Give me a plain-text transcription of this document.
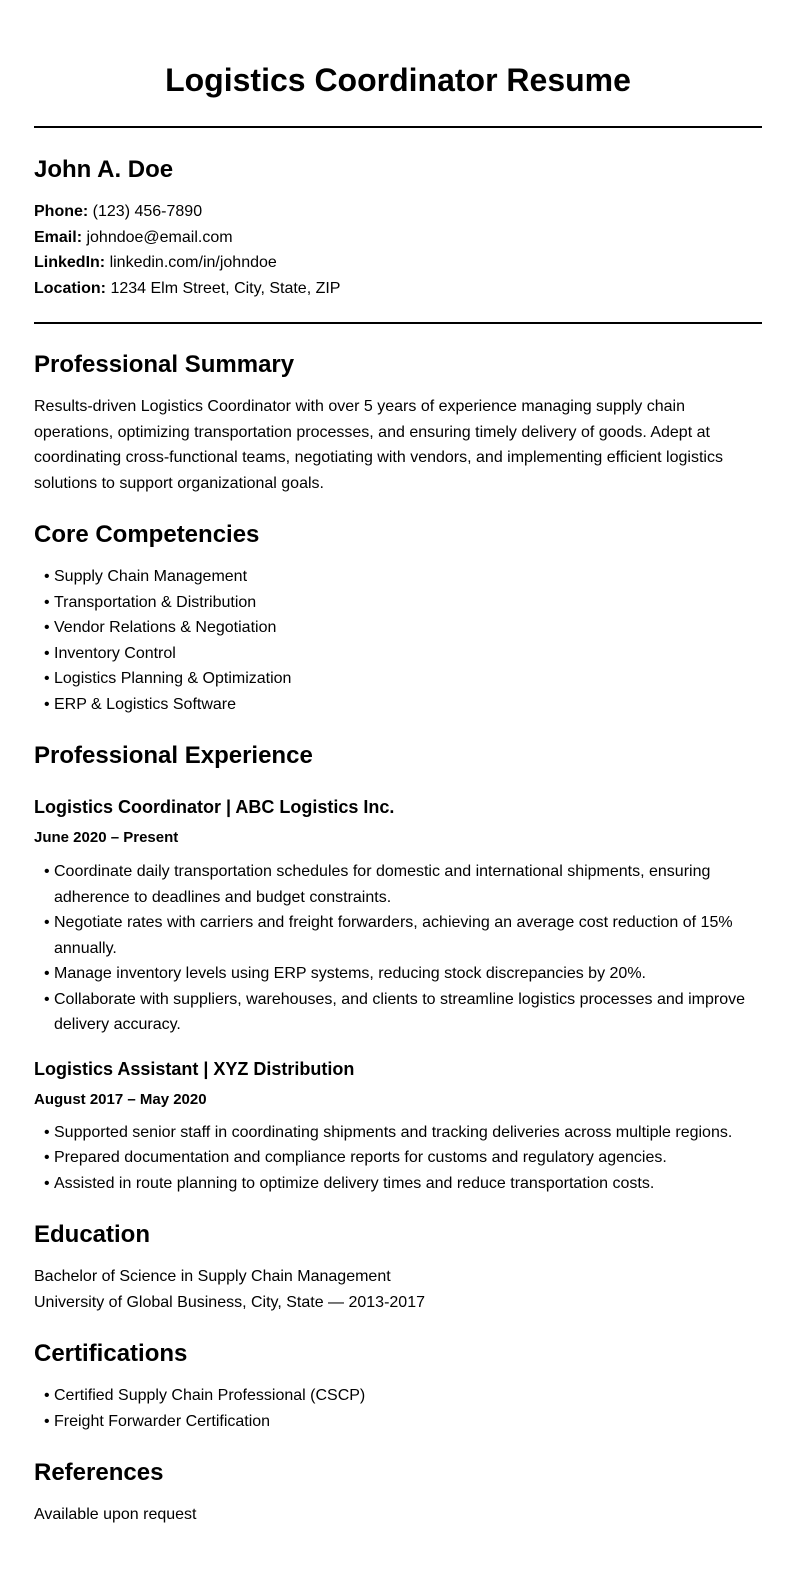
Logistics Coordinator Resume
John A. Doe
Phone: (123) 456-7890
Email: johndoe@email.com
LinkedIn: linkedin.com/in/johndoe
Location: 1234 Elm Street, City, State, ZIP
Professional Summary

Results-driven Logistics Coordinator with over 5 years of experience managing supply chain operations, optimizing transportation processes, and ensuring timely delivery of goods. Adept at coordinating cross-functional teams, negotiating with vendors, and implementing efficient logistics solutions to support organizational goals.

Core Competencies
• Supply Chain Management
• Transportation & Distribution
• Vendor Relations & Negotiation
• Inventory Control
• Logistics Planning & Optimization
• ERP & Logistics Software
Professional Experience
Logistics Coordinator | ABC Logistics Inc.
June 2020 – Present
• Coordinate daily transportation schedules for domestic and international shipments, ensuring adherence to deadlines and budget constraints.
• Negotiate rates with carriers and freight forwarders, achieving an average cost reduction of 15% annually.
• Manage inventory levels using ERP systems, reducing stock discrepancies by 20%.
• Collaborate with suppliers, warehouses, and clients to streamline logistics processes and improve delivery accuracy.
Logistics Assistant | XYZ Distribution
August 2017 – May 2020
• Supported senior staff in coordinating shipments and tracking deliveries across multiple regions.
• Prepared documentation and compliance reports for customs and regulatory agencies.
• Assisted in route planning to optimize delivery times and reduce transportation costs.
Education
Bachelor of Science in Supply Chain Management
University of Global Business, City, State — 2013-2017
Certifications
• Certified Supply Chain Professional (CSCP)
• Freight Forwarder Certification
References
Available upon request
